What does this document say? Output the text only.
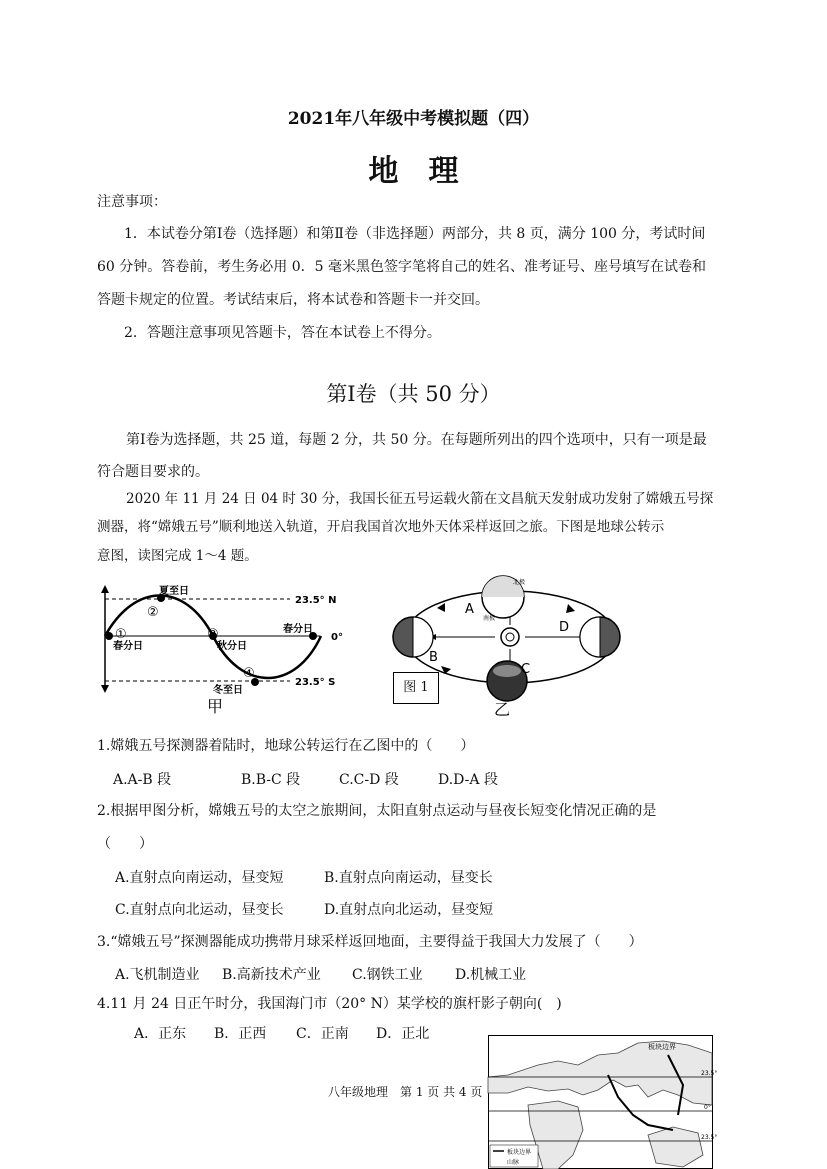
2021年八年级中考模拟题（四）
地理
注意事项：
1．本试卷分第Ⅰ卷（选择题）和第Ⅱ卷（非选择题）两部分，共 8 页，满分 100 分，考试时间
60 分钟。答卷前，考生务必用 0．5 毫米黑色签字笔将自己的姓名、准考证号、座号填写在试卷和
答题卡规定的位置。考试结束后，将本试卷和答题卡一并交回。
2．答题注意事项见答题卡，答在本试卷上不得分。
第Ⅰ卷（共 50 分）
第Ⅰ卷为选择题，共 25 道，每题 2 分，共 50 分。在每题所列出的四个选项中，只有一项是最
符合题目要求的。
2020 年 11 月 24 日 04 时 30 分，我国长征五号运载火箭在文昌航天发射成功发射了嫦娥五号探
测器，将“嫦娥五号”顺利地送入轨道，开启我国首次地外天体采样返回之旅。下图是地球公转示
意图，读图完成 1～4 题。
23.5° N
0°
23.5° S
夏至日
秋分日
春分日
春分日
冬至日
①
②
③
④
甲
A
B
C
D
北极
南极
乙
图 1
1.嫦娥五号探测器着陆时，地球公转运行在乙图中的（　　）
A.A-B 段	B.B-C 段	C.C-D 段	D.D-A 段
2.根据甲图分析，嫦娥五号的太空之旅期间，太阳直射点运动与昼夜长短变化情况正确的是
（　　）
A.直射点向南运动，昼变短	B.直射点向南运动，昼变长
C.直射点向北运动，昼变长	D.直射点向北运动，昼变短
3.“嫦娥五号”探测器能成功携带月球采样返回地面，主要得益于我国大力发展了（　　）
A.飞机制造业 B.高新技术产业 C.钢铁工业 D.机械工业
4.11 月 24 日正午时分，我国海门市（20° N）某学校的旗杆影子朝向(　)
A．正东 B．正西 C．正南 D．正北
板块边界
23.5°
0°
23.5°
板块边界
山脉
八年级地理　第 1 页 共 4 页
